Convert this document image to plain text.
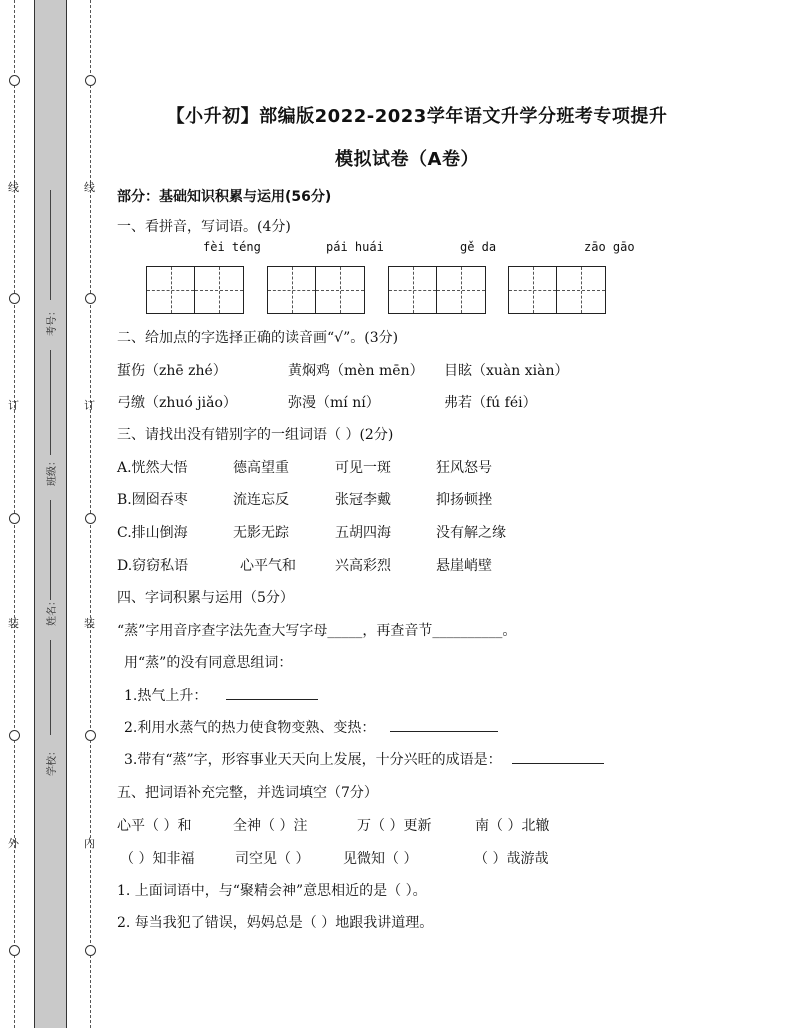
线
订
装
外
线
订
装
内
考号：
班级：
姓名：
学校：
【小升初】部编版2022-2023学年语文升学分班考专项提升
模拟试卷（A卷）
部分：基础知识积累与运用(56分)
一、看拼音，写词语。(4分)
fèi téng	pái huái	gě da	zāo gāo
二、给加点的字选择正确的读音画“√”。(3分)
蜇伤（zhē zhé）	黄焖鸡（mèn mēn） 目眩（xuàn xiàn）
弓缴（zhuó jiǎo）	弥漫（mí ní）	弗若（fú féi）
三、请找出没有错别字的一组词语（ ）(2分)
A.恍然大悟	德高望重	可见一斑	狂风怒号
B.囫囵吞枣	流连忘反	张冠李戴	抑扬顿挫
C.排山倒海	无影无踪	五胡四海	没有解之缘
D.窃窃私语	心平气和	兴高彩烈	悬崖峭壁
四、字词积累与运用（5分）
“蒸”字用音序查字法先查大写字母_____，再查音节__________。
用“蒸”的没有同意思组词：
1.热气上升：
2.利用水蒸气的热力使食物变熟、变热：
3.带有“蒸”字，形容事业天天向上发展，十分兴旺的成语是：
五、把词语补充完整，并选词填空（7分）
心平（ ）和	全神（ ）注	万（ ）更新	南（ ）北辙
（ ）知非福	司空见（ ） 见微知（ ）	（ ）哉游哉
1. 上面词语中，与“聚精会神”意思相近的是（ ）。
2. 每当我犯了错误，妈妈总是（ ）地跟我讲道理。
